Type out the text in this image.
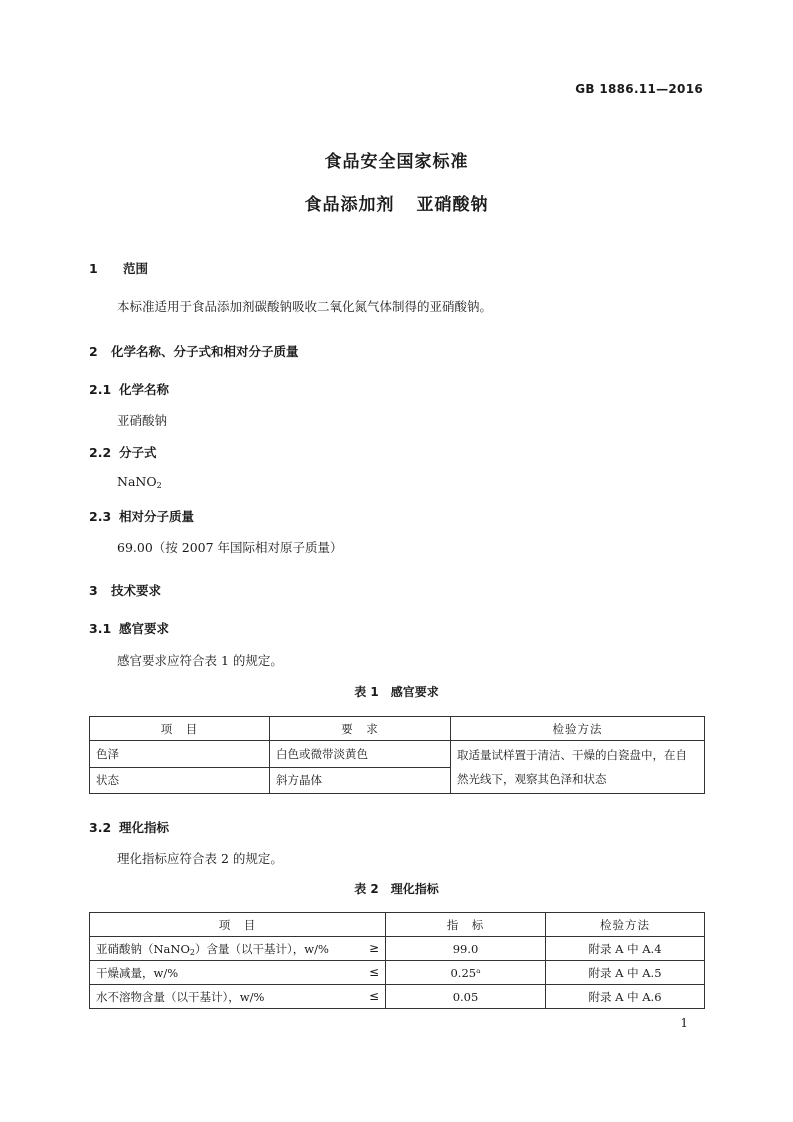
GB 1886.11—2016
食品安全国家标准
食品添加剂 亚硝酸钠
1 范围
本标准适用于食品添加剂碳酸钠吸收二氧化氮气体制得的亚硝酸钠。
2 化学名称、分子式和相对分子质量
2.1 化学名称
亚硝酸钠
2.2 分子式
NaNO2
2.3 相对分子质量
69.00（按 2007 年国际相对原子质量）
3 技术要求
3.1 感官要求
感官要求应符合表 1 的规定。
表 1 感官要求
项　目	要　求	检验方法
色泽	白色或微带淡黄色	取适量试样置于清洁、干燥的白瓷盘中，在自然光线下，观察其色泽和状态
状态	斜方晶体	
3.2 理化指标
理化指标应符合表 2 的规定。
表 2 理化指标
项　目	指　标	检验方法
亚硝酸钠（NaNO2）含量（以干基计），w/% ≥	99.0	附录 A 中 A.4
干燥减量，w/% ≤	0.25ᵃ	附录 A 中 A.5
水不溶物含量（以干基计），w/% ≤	0.05	附录 A 中 A.6
1
